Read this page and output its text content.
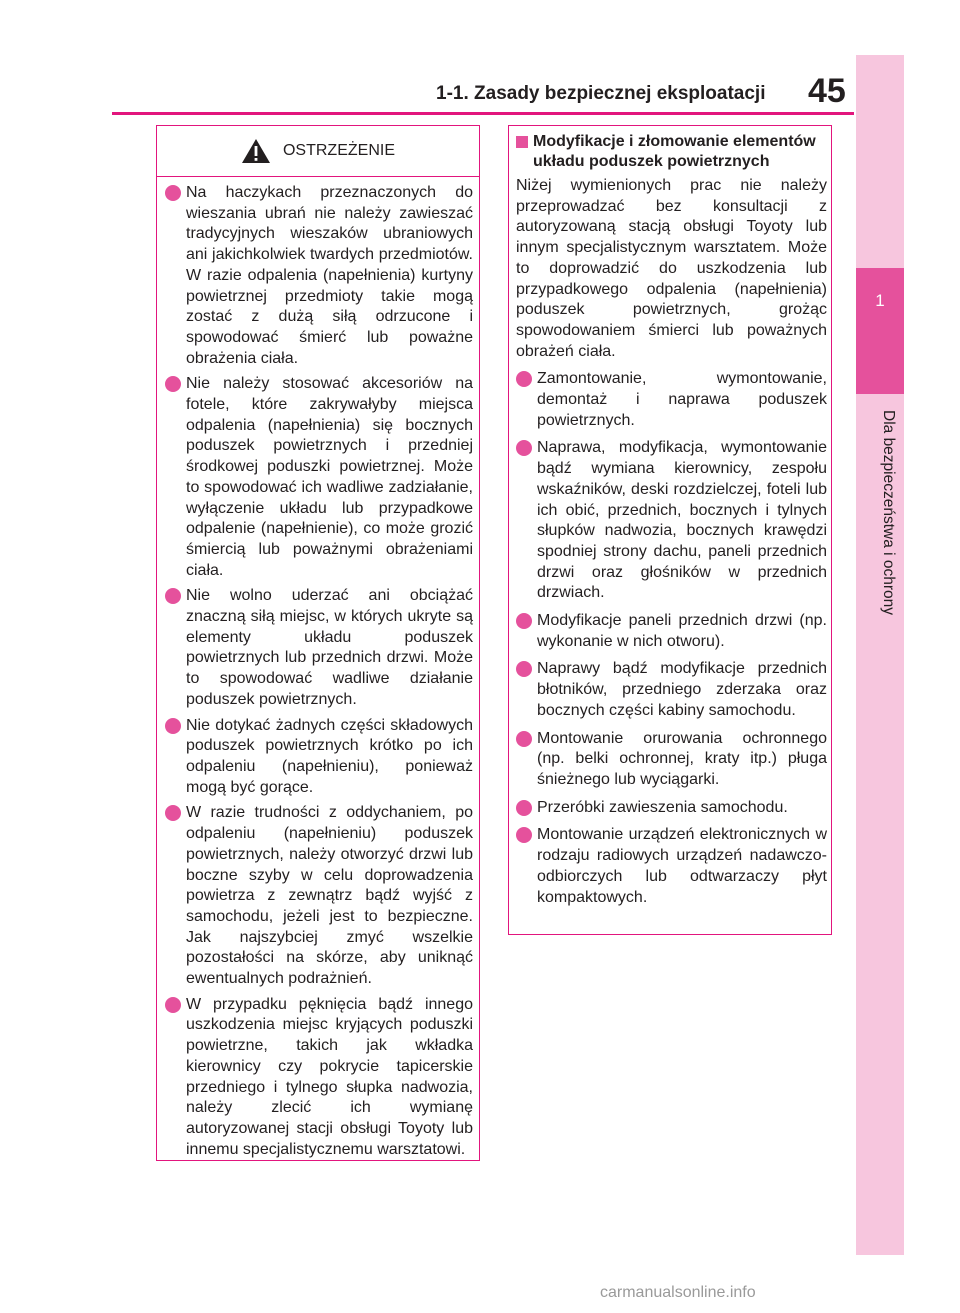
1
Dla bezpieczeństwa i ochrony
1-1. Zasady bezpiecznej eksploatacji 45
OSTRZEŻENIE
Na haczykach przeznaczonych do wieszania ubrań nie należy zawieszać tradycyjnych wieszaków ubraniowych ani jakichkolwiek twardych przedmiotów. W razie odpalenia (napełnienia) kurtyny powietrznej przedmioty takie mogą zostać z dużą siłą odrzucone i spowodować śmierć lub poważne obrażenia ciała.
Nie należy stosować akcesoriów na fotele, które zakrywałyby miejsca odpalenia (napełnienia) się bocznych poduszek powietrznych i przedniej środkowej poduszki powietrznej. Może to spowodować ich wadliwe zadziałanie, wyłączenie układu lub przypadkowe odpalenie (napełnienie), co może grozić śmiercią lub poważnymi obrażeniami ciała.
Nie wolno uderzać ani obciążać znaczną siłą miejsc, w których ukryte są elementy układu poduszek powietrznych lub przednich drzwi. Może to spowodować wadliwe działanie poduszek powietrznych.
Nie dotykać żadnych części składowych poduszek powietrznych krótko po ich odpaleniu (napełnieniu), ponieważ mogą być gorące.
W razie trudności z oddychaniem, po odpaleniu (napełnieniu) poduszek powietrznych, należy otworzyć drzwi lub boczne szyby w celu doprowadzenia powietrza z zewnątrz bądź wyjść z samochodu, jeżeli jest to bezpieczne. Jak najszybciej zmyć wszelkie pozostałości na skórze, aby uniknąć ewentualnych podrażnień.
W przypadku pęknięcia bądź innego uszkodzenia miejsc kryjących poduszki powietrzne, takich jak wkładka kierownicy czy pokrycie tapicerskie przedniego i tylnego słupka nadwozia, należy zlecić ich wymianę autoryzowanej stacji obsługi Toyoty lub innemu specjalistycznemu warsztatowi.
Modyfikacje i złomowanie elementów układu poduszek powietrznych
Niżej wymienionych prac nie należy przeprowadzać bez konsultacji z autoryzowaną stacją obsługi Toyoty lub innym specjalistycznym warsztatem. Może to doprowadzić do uszkodzenia lub przypadkowego odpalenia (napełnienia) poduszek powietrznych, grożąc spowodowaniem śmierci lub poważnych obrażeń ciała.
Zamontowanie, wymontowanie, demontaż i naprawa poduszek powietrznych.
Naprawa, modyfikacja, wymontowanie bądź wymiana kierownicy, zespołu wskaźników, deski rozdzielczej, foteli lub ich obić, przednich, bocznych i tylnych słupków nadwozia, bocznych krawędzi spodniej strony dachu, paneli przednich drzwi oraz głośników w przednich drzwiach.
Modyfikacje paneli przednich drzwi (np. wykonanie w nich otworu).
Naprawy bądź modyfikacje przednich błotników, przedniego zderzaka oraz bocznych części kabiny samochodu.
Montowanie orurowania ochronnego (np. belki ochronnej, kraty itp.) pługa śnieżnego lub wyciągarki.
Przeróbki zawieszenia samochodu.
Montowanie urządzeń elektronicznych w rodzaju radiowych urządzeń nadawczo-odbiorczych lub odtwarzaczy płyt kompaktowych.
carmanualsonline.info
